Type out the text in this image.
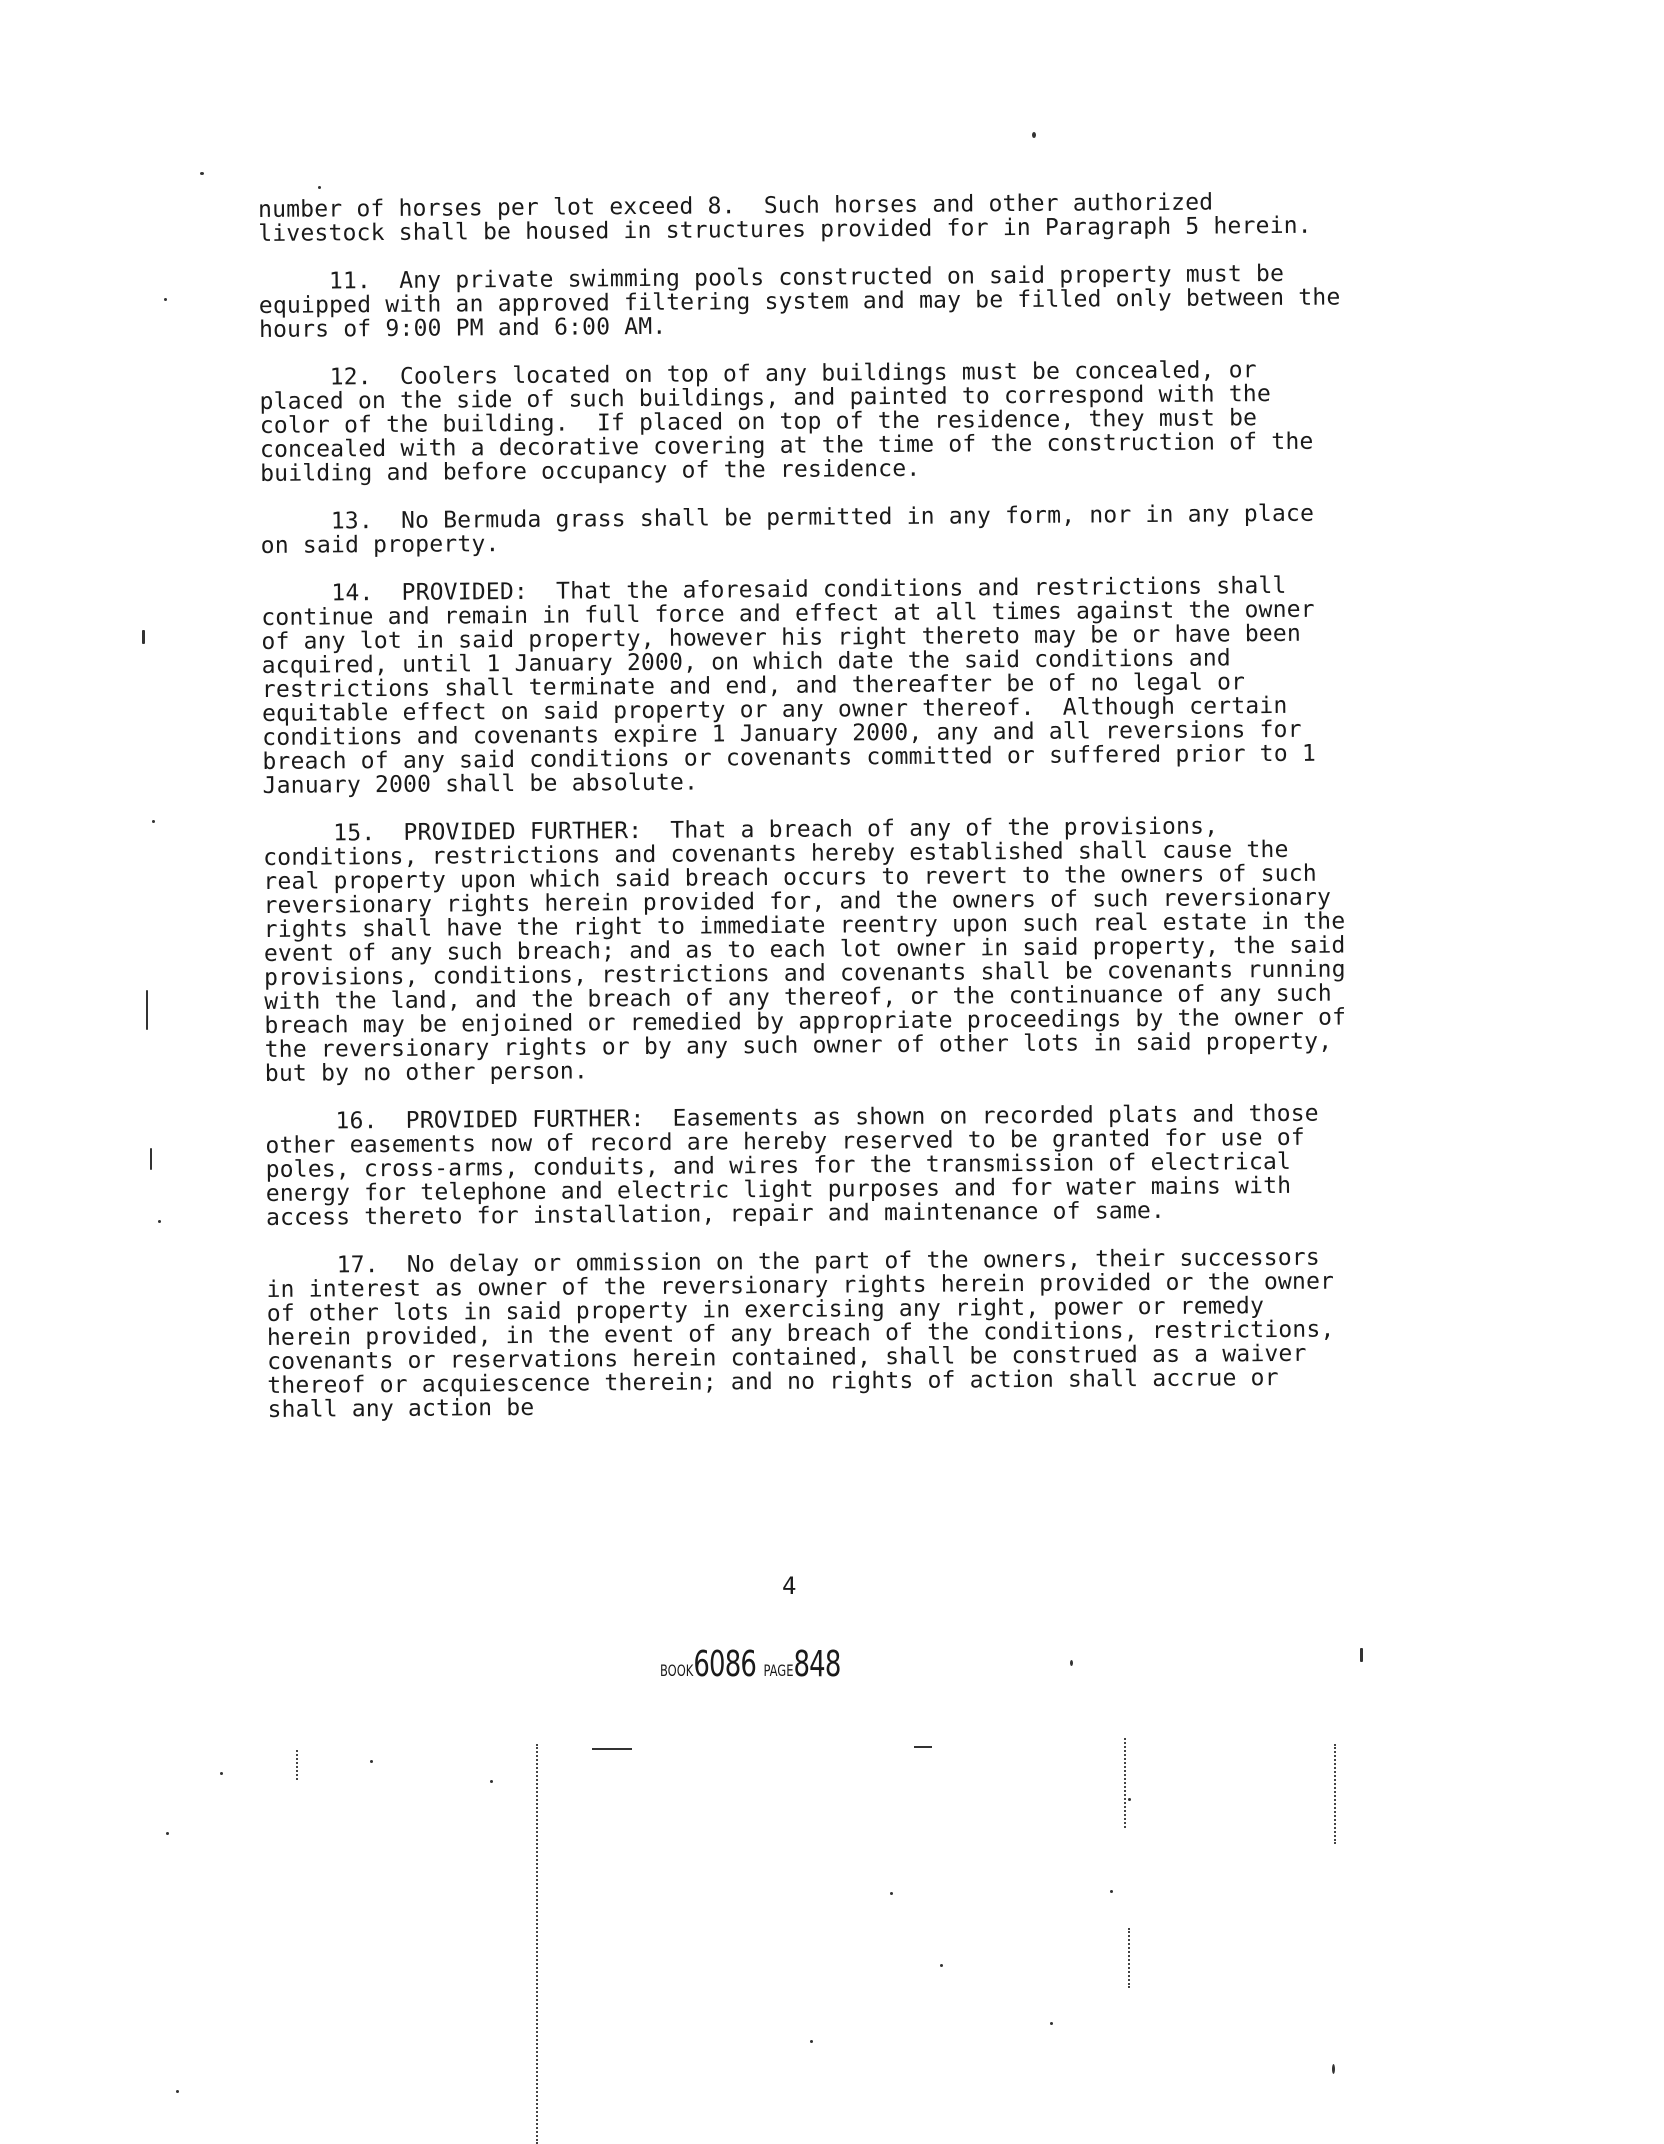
number of horses per lot exceed 8.  Such horses and other authorized livestock shall be housed in structures provided for in Paragraph 5 herein.

11.  Any private swimming pools constructed on said property must be equipped with an approved filtering system and may be filled only between the hours of 9:00 PM and 6:00 AM.

12.  Coolers located on top of any buildings must be concealed, or placed on the side of such buildings, and painted to correspond with the color of the building.  If placed on top of the residence, they must be concealed with a decorative covering at the time of the construction of the building and before occupancy of the residence.

13.  No Bermuda grass shall be permitted in any form, nor in any place on said property.

14.  PROVIDED:  That the aforesaid conditions and restrictions shall continue and remain in full force and effect at all times against the owner of any lot in said property, however his right thereto may be or have been acquired, until 1 January 2000, on which date the said conditions and restrictions shall terminate and end, and thereafter be of no legal or equitable effect on said property or any owner thereof.  Although certain conditions and covenants expire 1 January 2000, any and all reversions for breach of any said conditions or covenants committed or suffered prior to 1 January 2000 shall be absolute.

15.  PROVIDED FURTHER:  That a breach of any of the provisions, conditions, restrictions and covenants hereby established shall cause the real property upon which said breach occurs to revert to the owners of such reversionary rights herein provided for, and the owners of such reversionary rights shall have the right to immediate reentry upon such real estate in the event of any such breach; and as to each lot owner in said property, the said provisions, conditions, restrictions and covenants shall be covenants running with the land, and the breach of any thereof, or the continuance of any such breach may be enjoined or remedied by appropriate proceedings by the owner of the reversionary rights or by any such owner of other lots in said property, but by no other person.

16.  PROVIDED FURTHER:  Easements as shown on recorded plats and those other easements now of record are hereby reserved to be granted for use of poles, cross-arms, conduits, and wires for the transmission of electrical energy for telephone and electric light purposes and for water mains with access thereto for installation, repair and maintenance of same.

17.  No delay or ommission on the part of the owners, their successors in interest as owner of the reversionary rights herein provided or the owner of other lots in said property in exercising any right, power or remedy herein provided, in the event of any breach of the conditions, restrictions, covenants or reservations herein contained, shall be construed as a waiver thereof or acquiescence therein; and no rights of action shall accrue or shall any action be

4
BOOK6086 PAGE848
